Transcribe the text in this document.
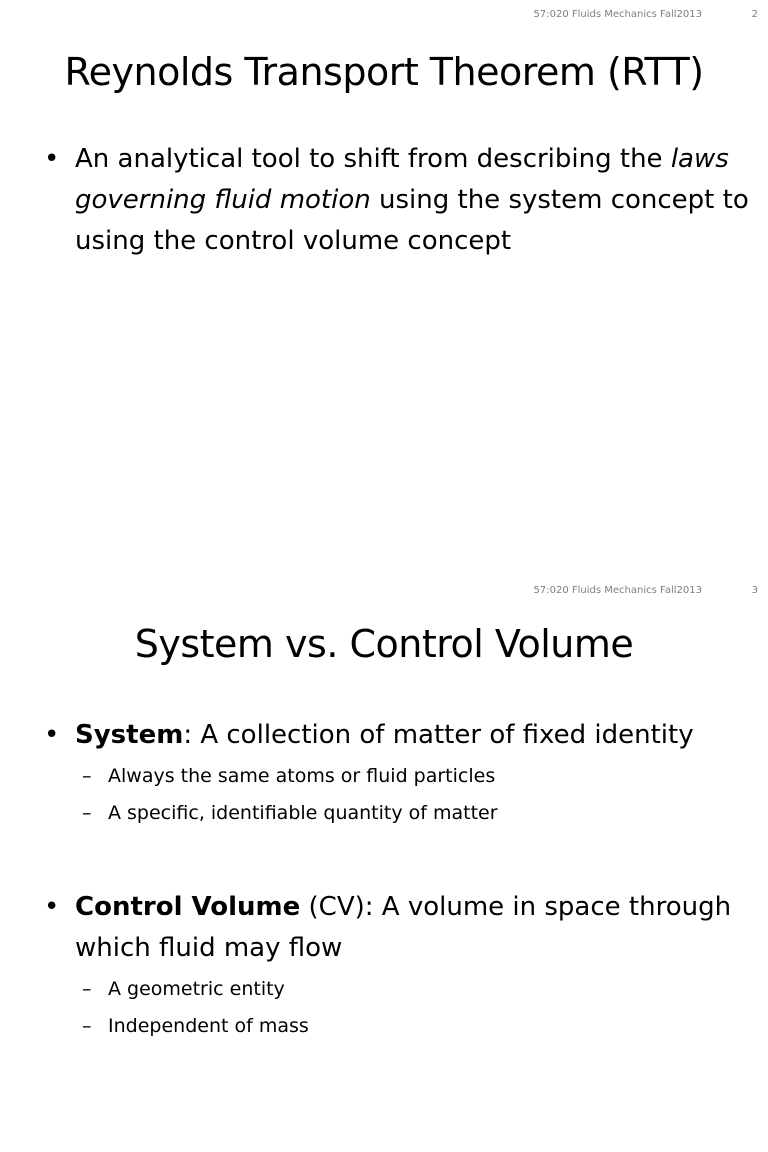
57:020 Fluids Mechanics Fall2013	2
Reynolds Transport Theorem (RTT)
• An analytical tool to shift from describing the laws governing fluid motion using the system concept to using the control volume concept
57:020 Fluids Mechanics Fall2013	3
System vs. Control Volume
• System: A collection of matter of fixed identity
– Always the same atoms or fluid particles
– A specific, identifiable quantity of matter
• Control Volume (CV): A volume in space through which fluid may flow
– A geometric entity
– Independent of mass
